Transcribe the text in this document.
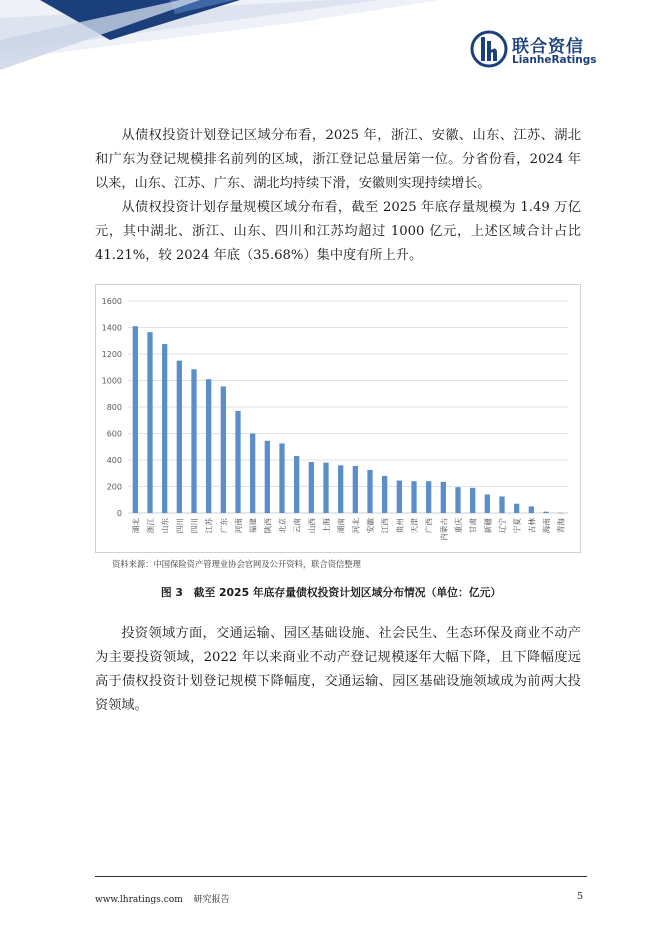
联合资信
LianheRatings

从债权投资计划登记区域分布看，2025 年，浙江、安徽、山东、江苏、湖北和广东为登记规模排名前列的区域，浙江登记总量居第一位。分省份看，2024 年以来，山东、江苏、广东、湖北均持续下滑，安徽则实现持续增长。

从债权投资计划存量规模区域分布看，截至 2025 年底存量规模为 1.49 万亿元，其中湖北、浙江、山东、四川和江苏均超过 1000 亿元，上述区域合计占比 41.21%，较 2024 年底（35.68%）集中度有所上升。

0
200
400
600
800
1000
1200
1400
1600
湖北 浙江 山东 四川 四川 江苏 广东 河南 福建 陕西 北京 云南 山西 上海 湖南 河北 安徽 江西 贵州 天津 广西 内蒙古 重庆 甘肃 新疆 辽宁 宁夏 吉林 海南 青海
资料来源：中国保险资产管理业协会官网及公开资料，联合资信整理
图 3　截至 2025 年底存量债权投资计划区域分布情况（单位：亿元）

投资领域方面，交通运输、园区基础设施、社会民生、生态环保及商业不动产为主要投资领域，2022 年以来商业不动产登记规模逐年大幅下降，且下降幅度远高于债权投资计划登记规模下降幅度，交通运输、园区基础设施领域成为前两大投资领域。

www.lhratings.com 研究报告	5
